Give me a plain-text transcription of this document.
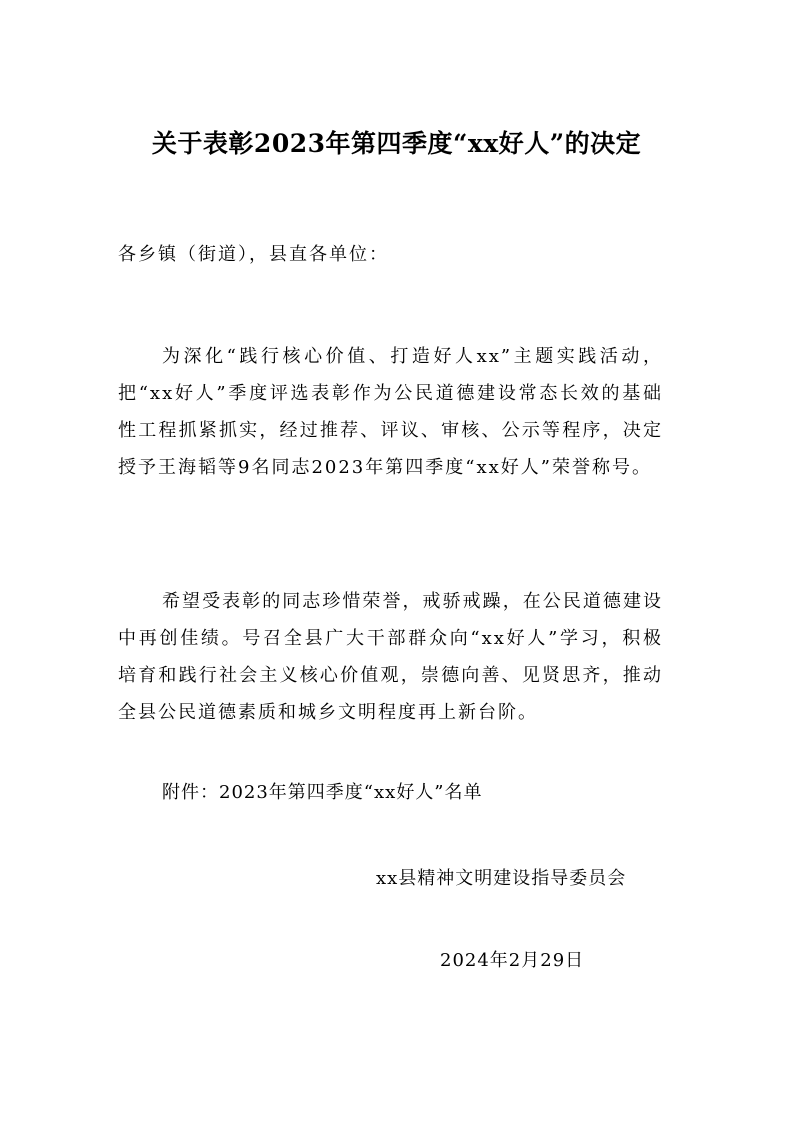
关于表彰2023年第四季度“xx好人”的决定
各乡镇（街道），县直各单位：

为深化“践行核心价值、打造好人xx”主题实践活动，把“xx好人”季度评选表彰作为公民道德建设常态长效的基础性工程抓紧抓实，经过推荐、评议、审核、公示等程序，决定授予王海韬等9名同志2023年第四季度“xx好人”荣誉称号。

希望受表彰的同志珍惜荣誉，戒骄戒躁，在公民道德建设中再创佳绩。号召全县广大干部群众向“xx好人”学习，积极培育和践行社会主义核心价值观，崇德向善、见贤思齐，推动全县公民道德素质和城乡文明程度再上新台阶。

附件：2023年第四季度“xx好人”名单
xx县精神文明建设指导委员会
2024年2月29日
